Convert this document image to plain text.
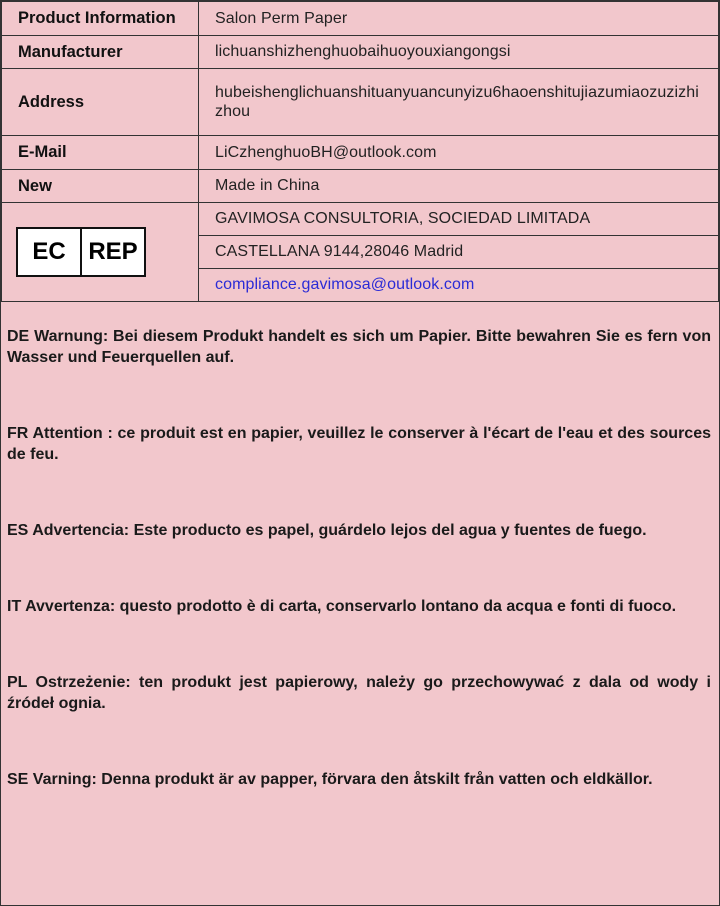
Product Information	Salon Perm Paper
Manufacturer	lichuanshizhenghuobaihuoyouxiangongsi
Address	hubeishenglichuanshituanyuancunyizu6haoenshitujiazumiaozuzizhizhou
E-Mail	LiCzhenghuoBH@outlook.com
New	Made in China

EC REP	GAVIMOSA CONSULTORIA, SOCIEDAD LIMITADA
	CASTELLANA 9144,28046 Madrid
	compliance.gavimosa@outlook.com

DE Warnung: Bei diesem Produkt handelt es sich um Papier. Bitte bewahren Sie es fern von Wasser und Feuerquellen auf.

FR Attention : ce produit est en papier, veuillez le conserver à l'écart de l'eau et des sources de feu.

ES Advertencia: Este producto es papel, guárdelo lejos del agua y fuentes de fuego.

IT Avvertenza: questo prodotto è di carta, conservarlo lontano da acqua e fonti di fuoco.

PL Ostrzeżenie: ten produkt jest papierowy, należy go przechowywać z dala od wody i źródeł ognia.

SE Varning: Denna produkt är av papper, förvara den åtskilt från vatten och eldkällor.
